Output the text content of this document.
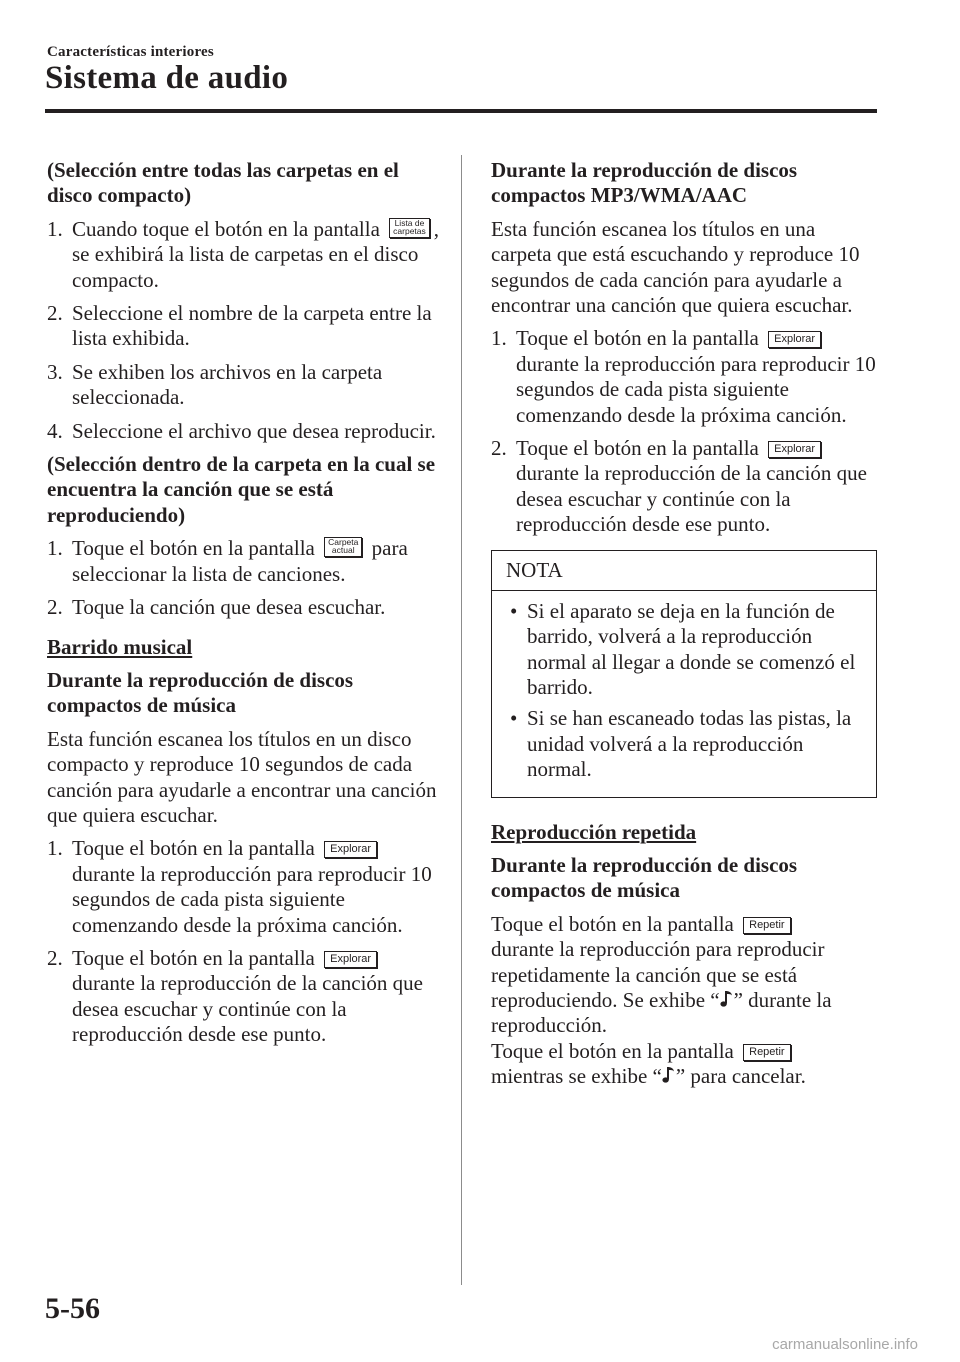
Características interiores
Sistema de audio
(Selección entre todas las carpetas en el disco compacto)
1. Cuando toque el botón en la pantalla Lista de
carpetas , se exhibirá la lista de carpetas en el disco compacto.
2. Seleccione el nombre de la carpeta entre la lista exhibida.
3. Se exhiben los archivos en la carpeta seleccionada.
4. Seleccione el archivo que desea reproducir.
(Selección dentro de la carpeta en la cual se encuentra la canción que se está reproduciendo)
1. Toque el botón en la pantalla Carpeta
actual para seleccionar la lista de canciones.
2. Toque la canción que desea escuchar.
Barrido musical
Durante la reproducción de discos compactos de música
Esta función escanea los títulos en un disco compacto y reproduce 10 segundos de cada canción para ayudarle a encontrar una canción que quiera escuchar.
1. Toque el botón en la pantalla Explorar durante la reproducción para reproducir 10 segundos de cada pista siguiente comenzando desde la próxima canción.
2. Toque el botón en la pantalla Explorar durante la reproducción de la canción que desea escuchar y continúe con la reproducción desde ese punto.
Durante la reproducción de discos compactos MP3/WMA/AAC
Esta función escanea los títulos en una carpeta que está escuchando y reproduce 10 segundos de cada canción para ayudarle a encontrar una canción que quiera escuchar.
1. Toque el botón en la pantalla Explorar durante la reproducción para reproducir 10 segundos de cada pista siguiente comenzando desde la próxima canción.
2. Toque el botón en la pantalla Explorar durante la reproducción de la canción que desea escuchar y continúe con la reproducción desde ese punto.
NOTA
• Si el aparato se deja en la función de barrido, volverá a la reproducción normal al llegar a donde se comenzó el barrido.
• Si se han escaneado todas las pistas, la unidad volverá a la reproducción normal.
Reproducción repetida
Durante la reproducción de discos compactos de música
Toque el botón en la pantalla Repetir
durante la reproducción para reproducir repetidamente la canción que se está reproduciendo. Se exhibe “ ” durante la reproducción.
Toque el botón en la pantalla Repetir
mientras se exhibe “ ” para cancelar.
5-56
carmanualsonline.info
